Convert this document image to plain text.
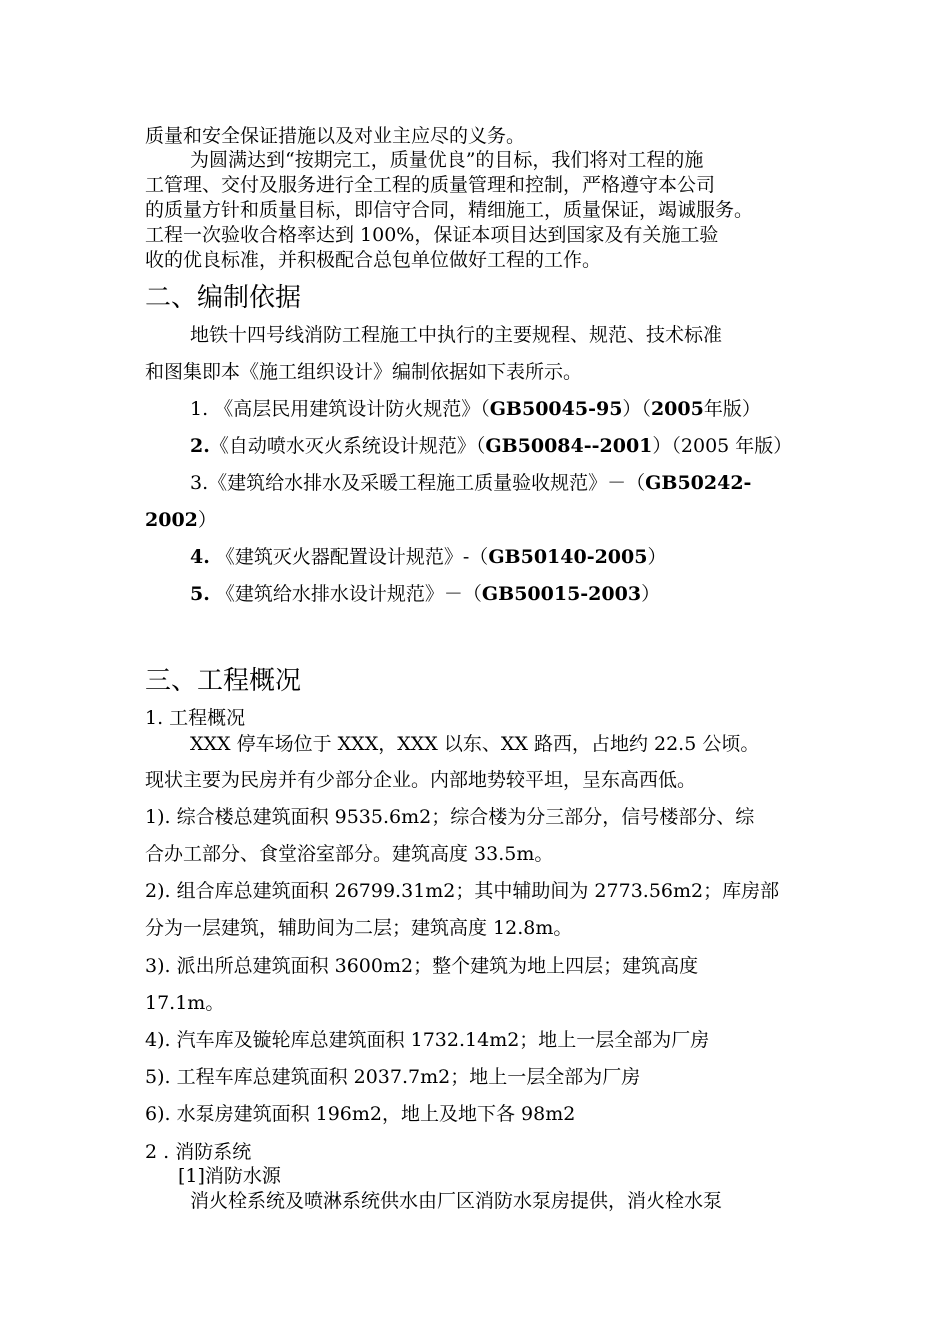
质量和安全保证措施以及对业主应尽的义务。
为圆满达到“按期完工，质量优良”的目标，我们将对工程的施
工管理、交付及服务进行全工程的质量管理和控制，严格遵守本公司
的质量方针和质量目标，即信守合同，精细施工，质量保证，竭诚服务。
工程一次验收合格率达到 100%，保证本项目达到国家及有关施工验
收的优良标准，并积极配合总包单位做好工程的工作。
二、编制依据
地铁十四号线消防工程施工中执行的主要规程、规范、技术标准
和图集即本《施工组织设计》编制依据如下表所示。
1. 《高层民用建筑设计防火规范》（GB50045-95）（2005年版）
2.《自动喷水灭火系统设计规范》（GB50084--2001）（2005 年版）
3.《建筑给水排水及采暖工程施工质量验收规范》－（GB50242-
2002）
4. 《建筑灭火器配置设计规范》-（GB50140-2005）
5. 《建筑给水排水设计规范》－（GB50015-2003）
三、工程概况
1. 工程概况
XXX 停车场位于 XXX，XXX 以东、XX 路西，占地约 22.5 公顷。
现状主要为民房并有少部分企业。内部地势较平坦，呈东高西低。
1). 综合楼总建筑面积 9535.6m2；综合楼为分三部分，信号楼部分、综
合办工部分、食堂浴室部分。建筑高度 33.5m。
2). 组合库总建筑面积 26799.31m2；其中辅助间为 2773.56m2；库房部
分为一层建筑，辅助间为二层；建筑高度 12.8m。
3). 派出所总建筑面积 3600m2；整个建筑为地上四层；建筑高度
17.1m。
4). 汽车库及镟轮库总建筑面积 1732.14m2；地上一层全部为厂房
5). 工程车库总建筑面积 2037.7m2；地上一层全部为厂房
6). 水泵房建筑面积 196m2，地上及地下各 98m2
2 . 消防系统
[1]消防水源
消火栓系统及喷淋系统供水由厂区消防水泵房提供，消火栓水泵
